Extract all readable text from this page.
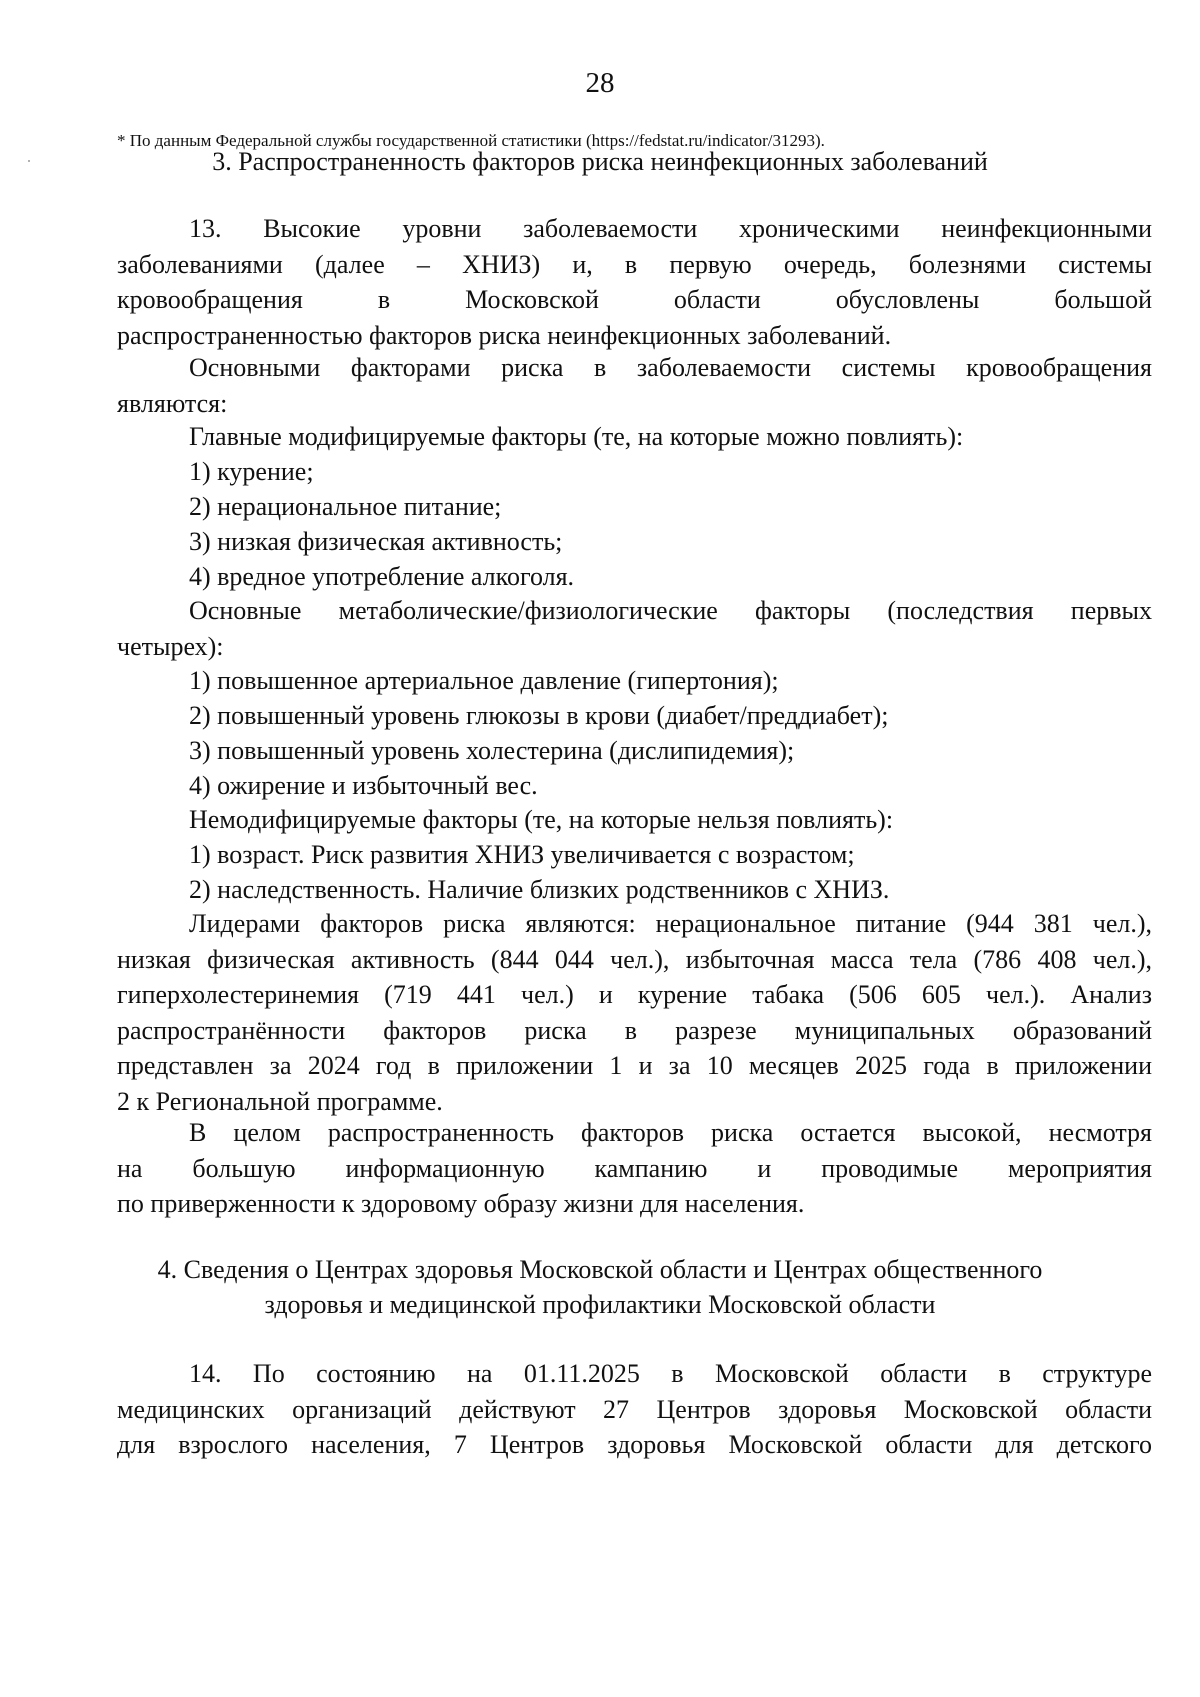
28
* По данным Федеральной службы государственной статистики (https://fedstat.ru/indicator/31293).
3. Распространенность факторов риска неинфекционных заболеваний
13. Высокие уровни заболеваемости хроническими неинфекционными
заболеваниями (далее – ХНИЗ) и, в первую очередь, болезнями системы
кровообращения в Московской области обусловлены большой
распространенностью факторов риска неинфекционных заболеваний.
Основными факторами риска в заболеваемости системы кровообращения
являются:
Главные модифицируемые факторы (те, на которые можно повлиять):
1) курение;
2) нерациональное питание;
3) низкая физическая активность;
4) вредное употребление алкоголя.
Основные метаболические/физиологические факторы (последствия первых
четырех):
1) повышенное артериальное давление (гипертония);
2) повышенный уровень глюкозы в крови (диабет/преддиабет);
3) повышенный уровень холестерина (дислипидемия);
4) ожирение и избыточный вес.
Немодифицируемые факторы (те, на которые нельзя повлиять):
1) возраст. Риск развития ХНИЗ увеличивается с возрастом;
2) наследственность. Наличие близких родственников с ХНИЗ.
Лидерами факторов риска являются: нерациональное питание (944 381 чел.),
низкая физическая активность (844 044 чел.), избыточная масса тела (786 408 чел.),
гиперхолестеринемия (719 441 чел.) и курение табака (506 605 чел.). Анализ
распространённости факторов риска в разрезе муниципальных образований
представлен за 2024 год в приложении 1 и за 10 месяцев 2025 года в приложении
2 к Региональной программе.
В целом распространенность факторов риска остается высокой, несмотря
на большую информационную кампанию и проводимые мероприятия
по приверженности к здоровому образу жизни для населения.
4. Сведения о Центрах здоровья Московской области и Центрах общественного
здоровья и медицинской профилактики Московской области
14. По состоянию на 01.11.2025 в Московской области в структуре
медицинских организаций действуют 27 Центров здоровья Московской области
для взрослого населения, 7 Центров здоровья Московской области для детского
